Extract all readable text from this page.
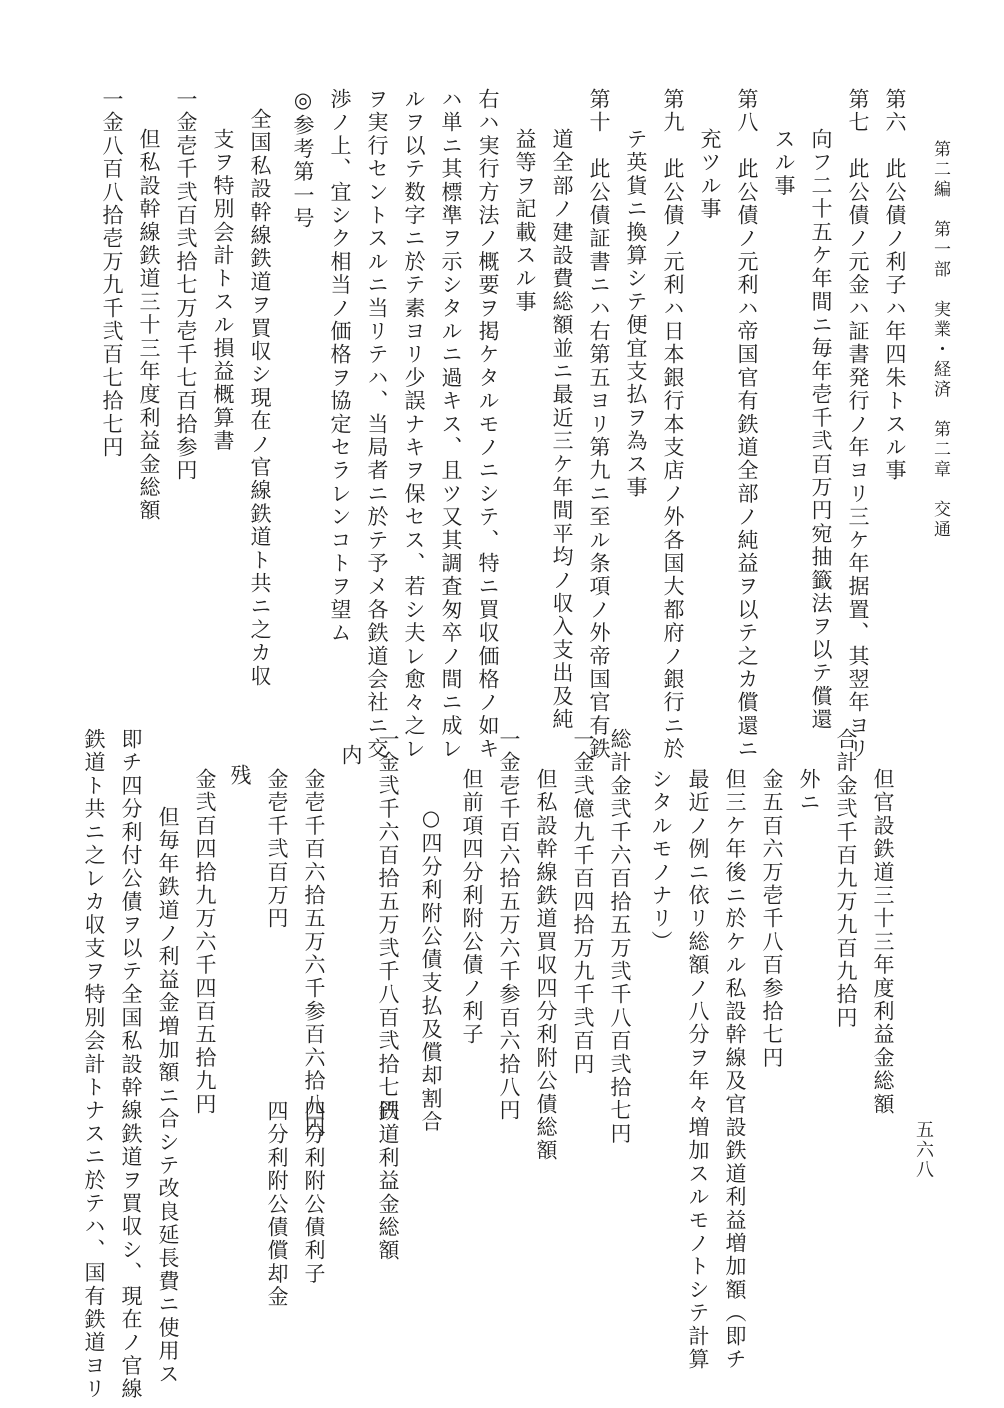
第二編　第一部　実業・経済　第二章　交通
五六八
第六　此公債ノ利子ハ年四朱トスル事
第七　此公債ノ元金ハ証書発行ノ年ヨリ三ケ年据置、其翌年ヨリ
向フ二十五ケ年間ニ毎年壱千弐百万円宛抽籤法ヲ以テ償還
スル事
第八　此公債ノ元利ハ帝国官有鉄道全部ノ純益ヲ以テ之カ償還ニ
充ツル事
第九　此公債ノ元利ハ日本銀行本支店ノ外各国大都府ノ銀行ニ於
テ英貨ニ換算シテ便宜支払ヲ為ス事
第十　此公債証書ニハ右第五ヨリ第九ニ至ル条項ノ外帝国官有鉄
道全部ノ建設費総額並ニ最近三ケ年間平均ノ収入支出及純
益等ヲ記載スル事
右ハ実行方法ノ概要ヲ掲ケタルモノニシテ、特ニ買収価格ノ如キ
ハ単ニ其標準ヲ示シタルニ過キス、且ツ又其調査匆卒ノ間ニ成レ
ルヲ以テ数字ニ於テ素ヨリ少誤ナキヲ保セス、若シ夫レ愈々之レ
ヲ実行セントスルニ当リテハ、当局者ニ於テ予メ各鉄道会社ニ交
渉ノ上、宜シク相当ノ価格ヲ協定セラレンコトヲ望ム
◎参考第一号
全国私設幹線鉄道ヲ買収シ現在ノ官線鉄道ト共ニ之カ収
支ヲ特別会計トスル損益概算書
一金壱千弐百弐拾七万壱千七百拾参円
但私設幹線鉄道三十三年度利益金総額
一金八百八拾壱万九千弐百七拾七円
但官設鉄道三十三年度利益金総額
合計金弐千百九万九百九拾円
外ニ
金五百六万壱千八百参拾七円
但三ケ年後ニ於ケル私設幹線及官設鉄道利益増加額（即チ
最近ノ例ニ依リ総額ノ八分ヲ年々増加スルモノトシテ計算
シタルモノナリ）
総計金弐千六百拾五万弐千八百弐拾七円
一金弐億九千百四拾万九千弐百円
但私設幹線鉄道買収四分利附公債総額
一金壱千百六拾五万六千参百六拾八円
但前項四分利附公債ノ利子
○四分利附公債支払及償却割合
一金弐千六百拾五万弐千八百弐拾七円
鉄道利益金総額
内
金壱千百六拾五万六千参百六拾八円
四分利附公債利子
金壱千弐百万円
四分利附公債償却金
残
金弐百四拾九万六千四百五拾九円
但毎年鉄道ノ利益金増加額ニ合シテ改良延長費ニ使用ス
即チ四分利付公債ヲ以テ全国私設幹線鉄道ヲ買収シ、現在ノ官線
鉄道ト共ニ之レカ収支ヲ特別会計トナスニ於テハ、国有鉄道ヨリ
